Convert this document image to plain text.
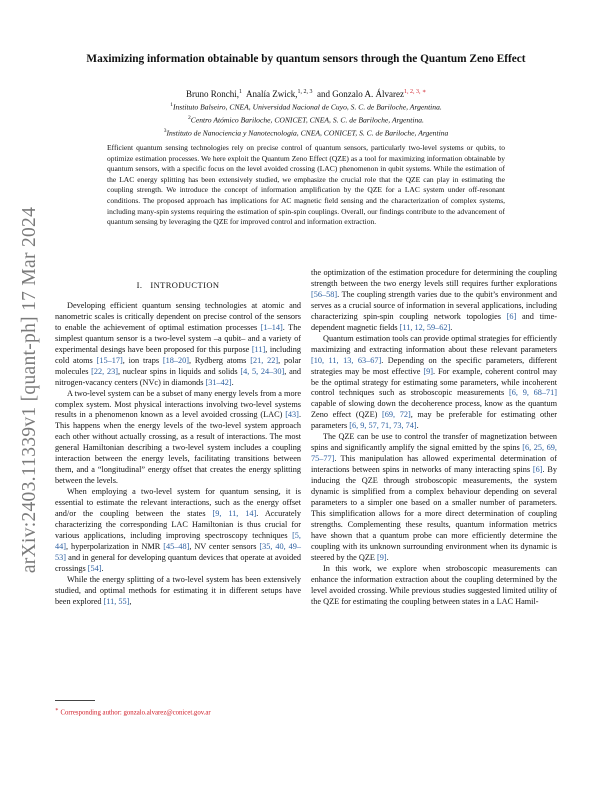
arXiv:2403.11339v1 [quant-ph] 17 Mar 2024
Maximizing information obtainable by quantum sensors through the Quantum Zeno Effect
Bruno Ronchi,$^1$ Analía Zwick,$^{1, 2, 3}$ and Gonzalo A. Álvarez$^{1, 2, 3, ∗}$
$^1$Instituto Balseiro, CNEA, Universidad Nacional de Cuyo, S. C. de Bariloche, Argentina.
$^2$Centro Atómico Bariloche, CONICET, CNEA, S. C. de Bariloche, Argentina.
$^3$Instituto de Nanociencia y Nanotecnología, CNEA, CONICET, S. C. de Bariloche, Argentina
Efficient quantum sensing technologies rely on precise control of quantum sensors, particularly two-level systems or qubits, to optimize estimation processes. We here exploit the Quantum Zeno Effect (QZE) as a tool for maximizing information obtainable by quantum sensors, with a specific focus on the level avoided crossing (LAC) phenomenon in qubit systems. While the estimation of the LAC energy splitting has been extensively studied, we emphasize the crucial role that the QZE can play in estimating the coupling strength. We introduce the concept of information amplification by the QZE for a LAC system under off-resonant conditions. The proposed approach has implications for AC magnetic field sensing and the characterization of complex systems, including many-spin systems requiring the estimation of spin-spin couplings. Overall, our findings contribute to the advancement of quantum sensing by leveraging the QZE for improved control and information extraction.
I. INTRODUCTION

Developing efficient quantum sensing technologies at atomic and nanometric scales is critically dependent on precise control of the sensors to enable the achievement of optimal estimation processes [1–14]. The simplest quantum sensor is a two-level system –a qubit– and a variety of experimental desings have been proposed for this purpose [11], including cold atoms [15–17], ion traps [18–20], Rydberg atoms [21, 22], polar molecules [22, 23], nuclear spins in liquids and solids [4, 5, 24–30], and nitrogen-vacancy centers (NVc) in diamonds [31–42].

A two-level system can be a subset of many energy levels from a more complex system. Most physical interactions involving two-level systems results in a phenomenon known as a level avoided crossing (LAC) [43]. This happens when the energy levels of the two-level system approach each other without actually crossing, as a result of interactions. The most general Hamiltonian describing a two-level system includes a coupling interaction between the energy levels, facilitating transitions between them, and a “longitudinal” energy offset that creates the energy splitting between the levels.

When employing a two-level system for quantum sensing, it is essential to estimate the relevant interactions, such as the energy offset and/or the coupling between the states [9, 11, 14]. Accurately characterizing the corresponding LAC Hamiltonian is thus crucial for various applications, including improving spectroscopy techniques [5, 44], hyperpolarization in NMR [45–48], NV center sensors [35, 40, 49–53] and in general for developing quantum devices that operate at avoided crossings [54].

While the energy splitting of a two-level system has been extensively studied, and optimal methods for estimating it in different setups have been explored [11, 55],

the optimization of the estimation procedure for determining the coupling strength between the two energy levels still requires further explorations [56–58]. The coupling strength varies due to the qubit’s environment and serves as a crucial source of information in several applications, including characterizing spin-spin coupling network topologies [6] and time-dependent magnetic fields [11, 12, 59–62].

Quantum estimation tools can provide optimal strategies for efficiently maximizing and extracting information about these relevant parameters [10, 11, 13, 63–67]. Depending on the specific parameters, different strategies may be most effective [9]. For example, coherent control may be the optimal strategy for estimating some parameters, while incoherent control techniques such as stroboscopic measurements [6, 9, 68–71] capable of slowing down the decoherence process, know as the quantum Zeno effect (QZE) [69, 72], may be preferable for estimating other parameters [6, 9, 57, 71, 73, 74].

The QZE can be use to control the transfer of magnetization between spins and significantly amplify the signal emitted by the spins [6, 25, 69, 75–77]. This manipulation has allowed experimental determination of interactions between spins in networks of many interacting spins [6]. By inducing the QZE through stroboscopic measurements, the system dynamic is simplified from a complex behaviour depending on several parameters to a simpler one based on a smaller number of parameters. This simplification allows for a more direct determination of coupling strengths. Complementing these results, quantum information metrics have shown that a quantum probe can more efficiently determine the coupling with its unknown surrounding environment when its dynamic is steered by the QZE [9].

In this work, we explore when stroboscopic measurements can enhance the information extraction about the coupling determined by the level avoided crossing. While previous studies suggested limited utility of the QZE for estimating the coupling between states in a LAC Hamil-

∗ Corresponding author: gonzalo.alvarez@conicet.gov.ar
